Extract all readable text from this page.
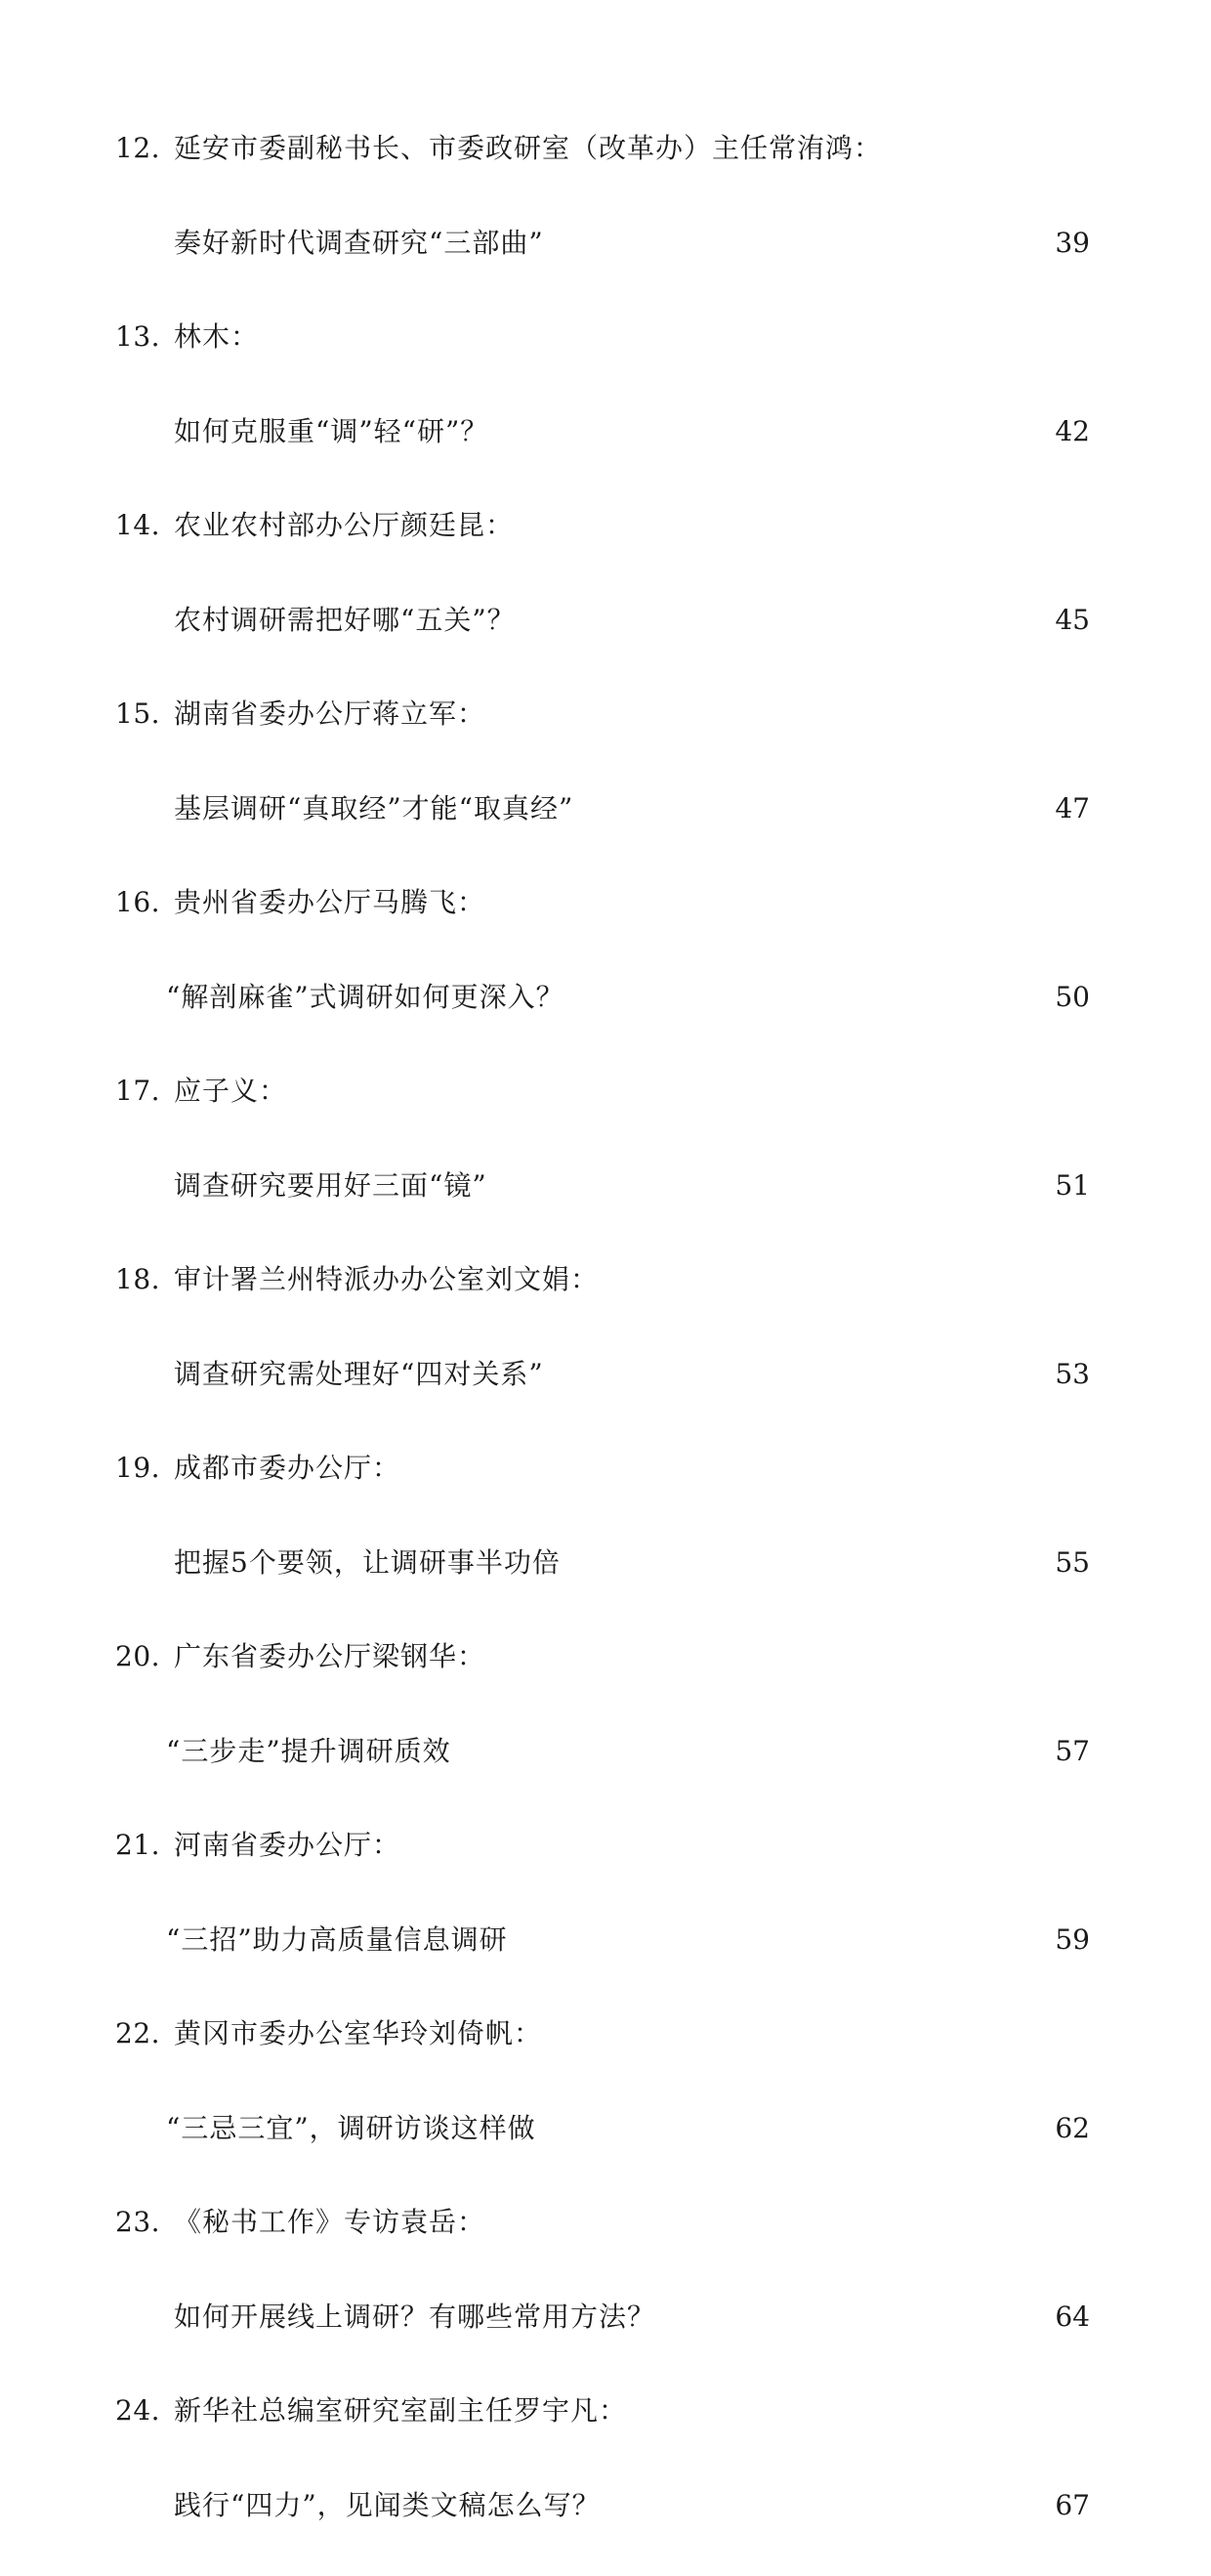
12. 延安市委副秘书长、市委政研室（改革办）主任常洧鸿：
奏好新时代调查研究“三部曲”	39
13. 林木：
如何克服重“调”轻“研”？	42
14. 农业农村部办公厅颜廷昆：
农村调研需把好哪“五关”？	45
15. 湖南省委办公厅蒋立军：
基层调研“真取经”才能“取真经”	47
16. 贵州省委办公厅马腾飞：
“解剖麻雀”式调研如何更深入？	50
17. 应子义：
调查研究要用好三面“镜”	51
18. 审计署兰州特派办办公室刘文娟：
调查研究需处理好“四对关系”	53
19. 成都市委办公厅：
把握5个要领，让调研事半功倍	55
20. 广东省委办公厅梁钢华：
“三步走”提升调研质效	57
21. 河南省委办公厅：
“三招”助力高质量信息调研	59
22. 黄冈市委办公室华玲刘倚帆：
“三忌三宜”，调研访谈这样做	62
23. 《秘书工作》专访袁岳：
如何开展线上调研？有哪些常用方法？	64
24. 新华社总编室研究室副主任罗宇凡：
践行“四力”，见闻类文稿怎么写？	67
